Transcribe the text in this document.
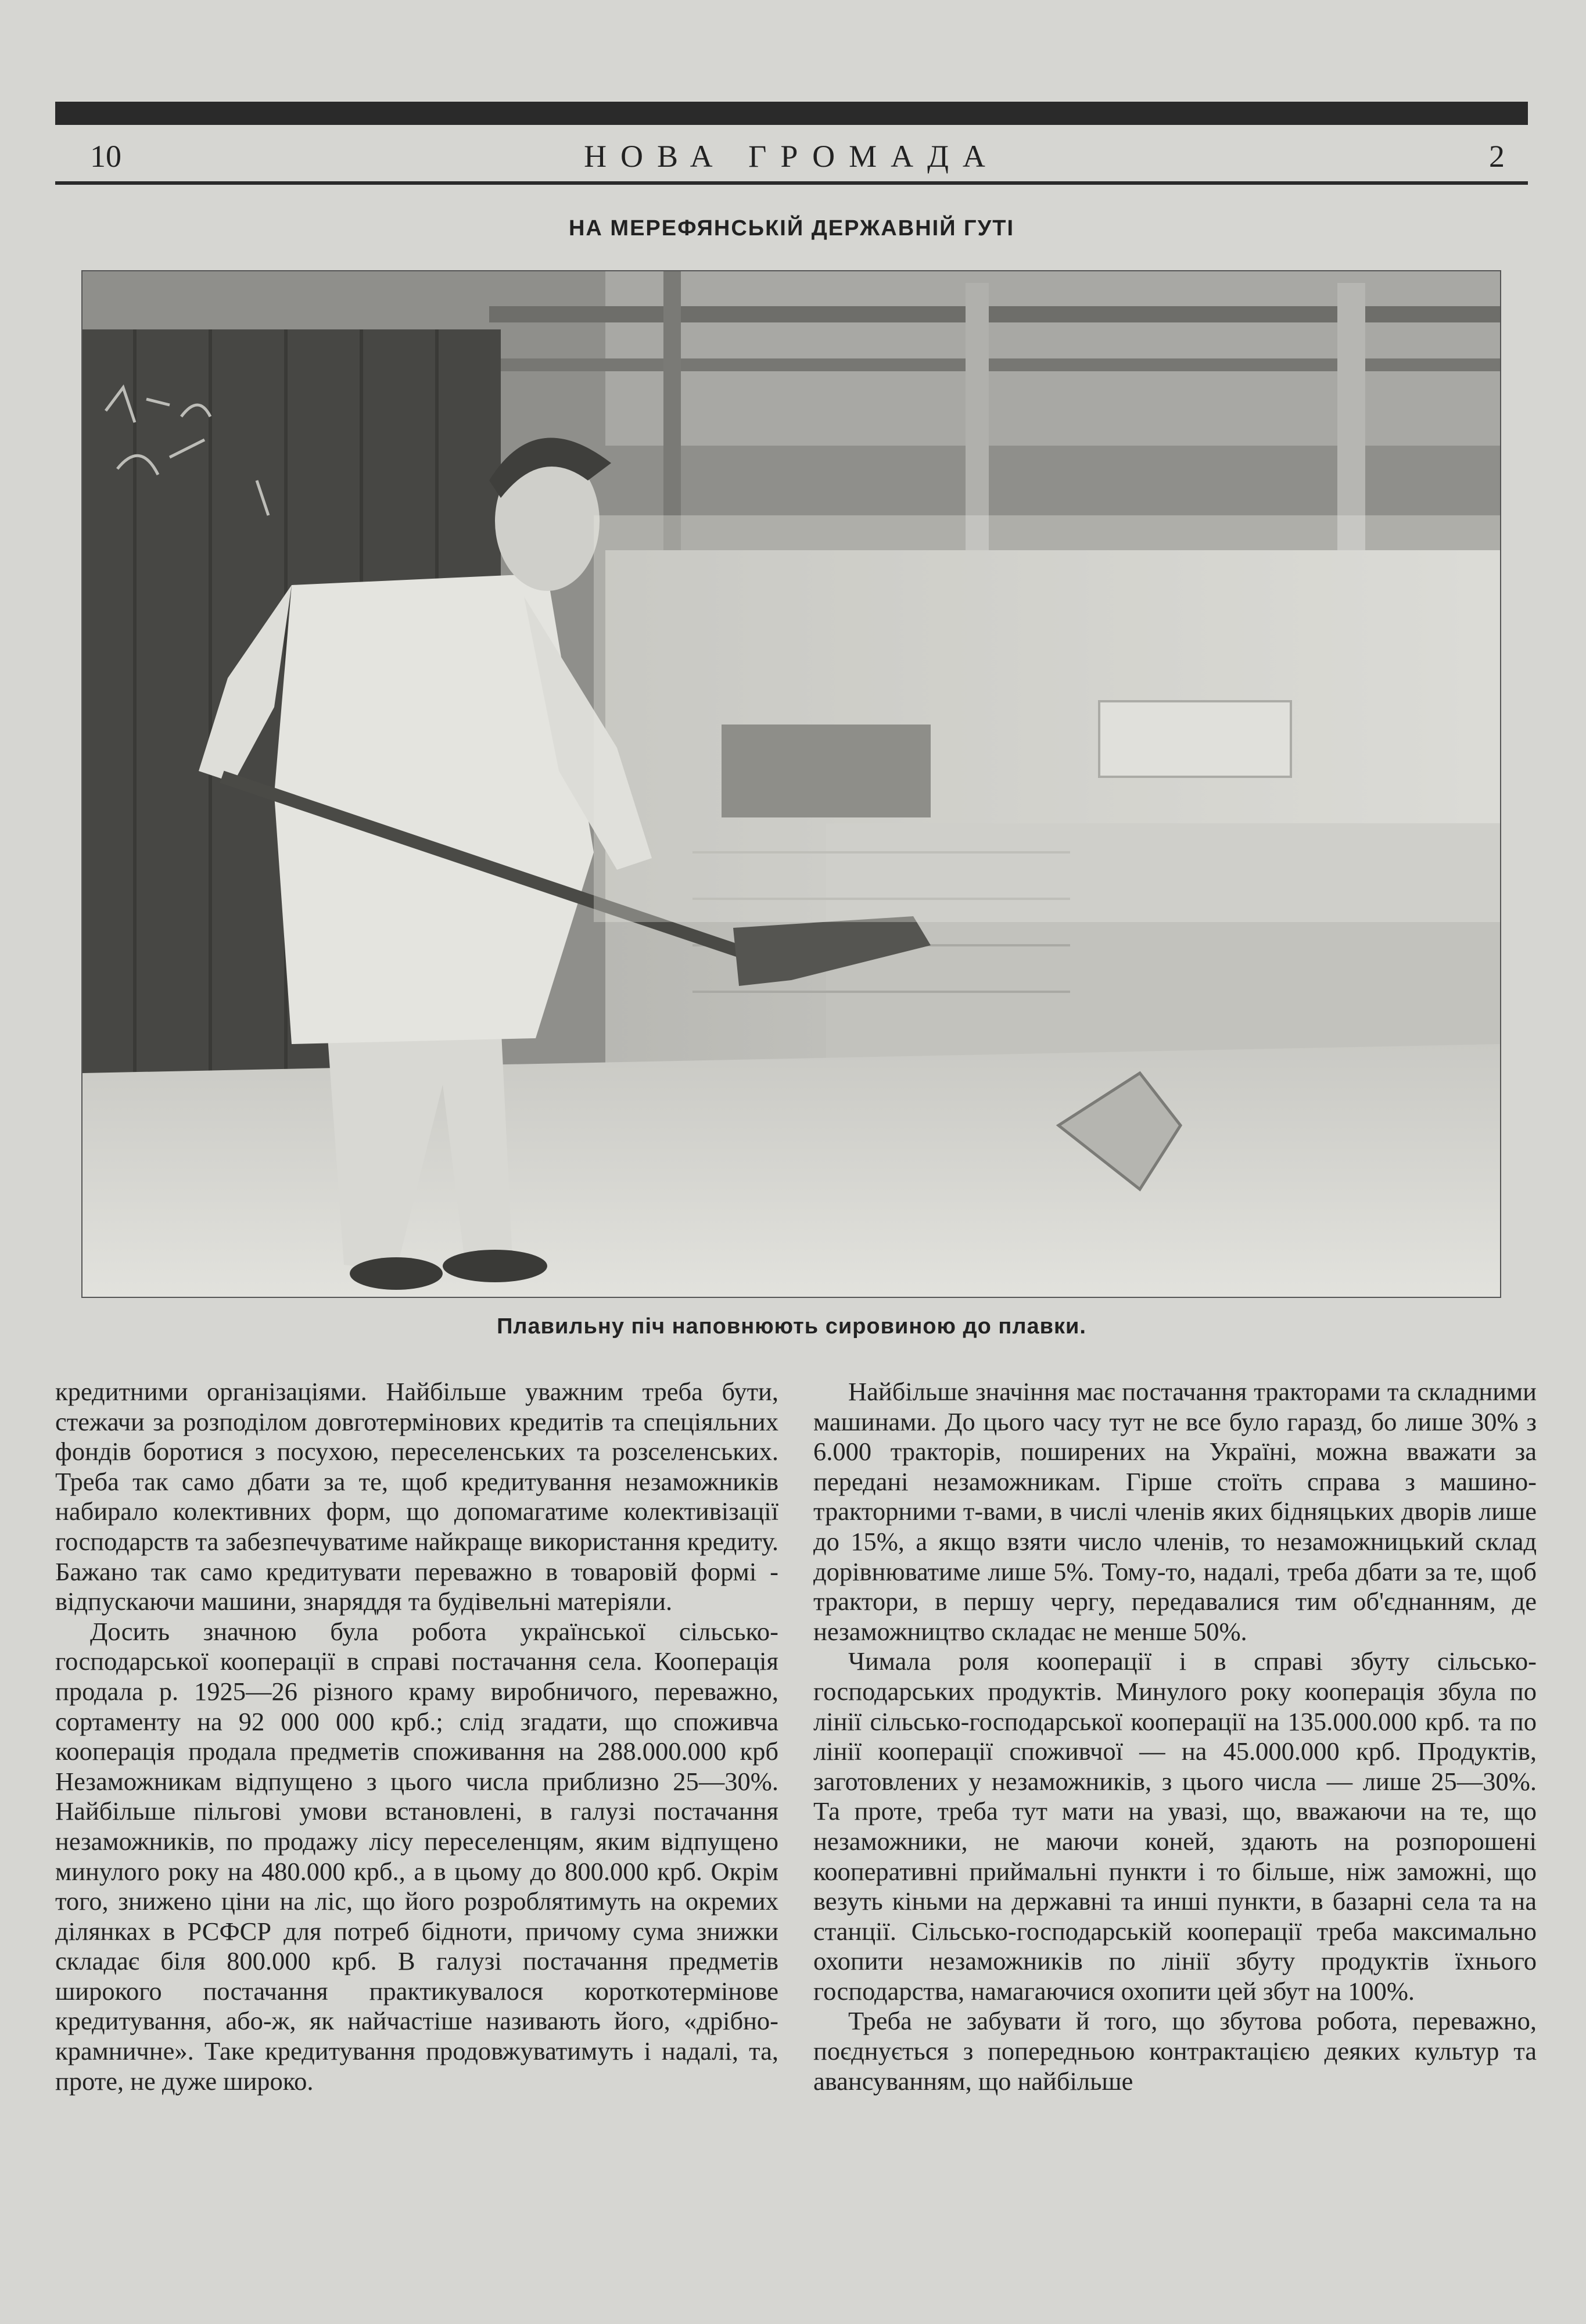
10	НОВА ГРОМАДА	2
НА МЕРЕФЯНСЬКІЙ ДЕРЖАВНІЙ ГУТІ
Плавильну піч наповнюють сировиною до плавки.

кредитними організаціями. Найбільше уважним треба бути, стежачи за розподілом довготермінових кредитів та спеціяльних фондів боротися з посухою, переселенських та розселенських. Треба так само дбати за те, щоб кредитування незаможників набирало колективних форм, що допомагатиме колективізації господарств та забезпечуватиме найкраще використання кредиту. Бажано так само кредитувати переважно в товаровій формі - відпускаючи машини, знаряддя та будівельні матеріяли.

Досить значною була робота української сільсько-господарської кооперації в справі постачання села. Кооперація продала р. 1925—26 різного краму виробничого, переважно, сортаменту на 92 000 000 крб.; слід згадати, що споживча кооперація продала предметів споживання на 288.000.000 крб Незаможникам відпущено з цього числа приблизно 25—30%. Найбільше пільгові умови встановлені, в галузі постачання незаможників, по продажу лісу переселенцям, яким відпущено минулого року на 480.000 крб., а в цьому до 800.000 крб. Окрім того, знижено ціни на ліс, що його розроблятимуть на окремих ділянках в РСФСР для потреб бідноти, причому сума знижки складає біля 800.000 крб. В галузі постачання предметів широкого постачання практикувалося короткотермінове кредитування, або-ж, як найчастіше називають його, «дрібно-крамничне». Таке кредитування продовжуватимуть і надалі, та, проте, не дуже широко.

Найбільше значіння має постачання тракторами та складними машинами. До цього часу тут не все було гаразд, бо лише 30% з 6.000 тракторів, поширених на Україні, можна вважати за передані незаможникам. Гірше стоїть справа з машино-тракторними т-вами, в числі членів яких бідняцьких дворів лише до 15%, а якщо взяти число членів, то незаможницький склад дорівнюватиме лише 5%. Тому-то, надалі, треба дбати за те, щоб трактори, в першу чергу, передавалися тим об'єднанням, де незаможництво складає не менше 50%.

Чимала роля кооперації і в справі збуту сільсько-господарських продуктів. Минулого року кооперація збула по лінії сільсько-господарської кооперації на 135.000.000 крб. та по лінії кооперації споживчої — на 45.000.000 крб. Продуктів, заготовлених у незаможників, з цього числа — лише 25—30%. Та проте, треба тут мати на увазі, що, вважаючи на те, що незаможники, не маючи коней, здають на розпорошені кооперативні приймальні пункти і то більше, ніж заможні, що везуть кіньми на державні та инші пункти, в базарні села та на станції. Сільсько-господарській кооперації треба максимально охопити незаможників по лінії збуту продуктів їхнього господарства, намагаючися охопити цей збут на 100%.

Треба не забувати й того, що збутова робота, переважно, поєднується з попередньою контрактацією деяких культур та авансуванням, що найбільше
